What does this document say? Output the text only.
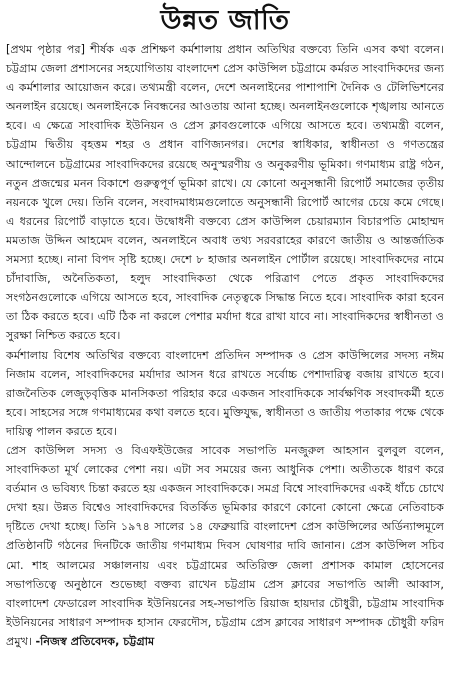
উন্নত জাতি

[প্রথম পৃষ্ঠার পর] শীর্ষক এক প্রশিক্ষণ কর্মশালায় প্রধান অতিথির বক্তব্যে তিনি এসব কথা বলেন। চট্টগ্রাম জেলা প্রশাসনের সহযোগিতায় বাংলাদেশ প্রেস কাউন্সিল চট্টগ্রামে কর্মরত সাংবাদিকদের জন্য এ কর্মশালার আয়োজন করে। তথ্যমন্ত্রী বলেন, দেশে অনলাইনের পাশাপাশি দৈনিক ও টেলিভিশনের অনলাইন রয়েছে। অনলাইনকে নিবন্ধনের আওতায় আনা হচ্ছে। অনলাইনগুলোকে শৃঙ্খলায় আনতে হবে। এ ক্ষেত্রে সাংবাদিক ইউনিয়ন ও প্রেস ক্লাবগুলোকে এগিয়ে আসতে হবে। তথ্যমন্ত্রী বলেন, চট্টগ্রাম দ্বিতীয় বৃহত্তম শহর ও প্রধান বাণিজ্যনগর। দেশের স্বাধিকার, স্বাধীনতা ও গণতন্ত্রের আন্দোলনে চট্টগ্রামের সাংবাদিকদের রয়েছে অনুস্মরণীয় ও অনুকরণীয় ভূমিকা। গণমাধ্যম রাষ্ট্র গঠন, নতুন প্রজন্মের মনন বিকাশে গুরুত্বপূর্ণ ভূমিকা রাখে। যে কোনো অনুসন্ধানী রিপোর্ট সমাজের তৃতীয় নয়নকে খুলে দেয়। তিনি বলেন, সংবাদমাধ্যমগুলোতে অনুসন্ধানী রিপোর্ট আগের চেয়ে কমে গেছে। এ ধরনের রিপোর্ট বাড়াতে হবে। উদ্বোধনী বক্তব্যে প্রেস কাউন্সিল চেয়ারম্যান বিচারপতি মোহাম্মদ মমতাজ উদ্দিন আহমেদ বলেন, অনলাইনে অবাধ তথ্য সরবরাহের কারণে জাতীয় ও আন্তর্জাতিক সমস্যা হচ্ছে। নানা বিপদ সৃষ্টি হচ্ছে। দেশে ৮ হাজার অনলাইন পোর্টাল রয়েছে। সাংবাদিকদের নামে চাঁদাবাজি, অনৈতিকতা, হলুদ সাংবাদিকতা থেকে পরিত্রাণ পেতে প্রকৃত সাংবাদিকদের সংগঠনগুলোকে এগিয়ে আসতে হবে, সাংবাদিক নেতৃত্বকে সিদ্ধান্ত নিতে হবে। সাংবাদিক কারা হবেন তা ঠিক করতে হবে। এটি ঠিক না করলে পেশার মর্যাদা ধরে রাখা যাবে না। সাংবাদিকদের স্বাধীনতা ও সুরক্ষা নিশ্চিত করতে হবে।

কর্মশালায় বিশেষ অতিথির বক্তব্যে বাংলাদেশ প্রতিদিন সম্পাদক ও প্রেস কাউন্সিলের সদস্য নঈম নিজাম বলেন, সাংবাদিকদের মর্যাদার আসন ধরে রাখতে সর্বোচ্চ পেশাদারিত্ব বজায় রাখতে হবে। রাজনৈতিক লেজুড়বৃত্তিক মানসিকতা পরিহার করে একজন সাংবাদিককে সার্বক্ষণিক সংবাদকর্মী হতে হবে। সাহসের সঙ্গে গণমাধ্যমের কথা বলতে হবে। মুক্তিযুদ্ধ, স্বাধীনতা ও জাতীয় পতাকার পক্ষে থেকে দায়িত্ব পালন করতে হবে।

প্রেস কাউন্সিল সদস্য ও বিএফইউজের সাবেক সভাপতি মনজুরুল আহসান বুলবুল বলেন, সাংবাদিকতা মূর্খ লোকের পেশা নয়। এটা সব সময়ের জন্য আধুনিক পেশা। অতীতকে ধারণ করে বর্তমান ও ভবিষ্যৎ চিন্তা করতে হয় একজন সাংবাদিককে। সমগ্র বিশ্বে সাংবাদিকদের একই ধাঁচে চোখে দেখা হয়। উন্নত বিশ্বেও সাংবাদিকদের বিতর্কিত ভূমিকার কারণে কোনো কোনো ক্ষেত্রে নেতিবাচক দৃষ্টিতে দেখা হচ্ছে। তিনি ১৯৭৪ সালের ১৪ ফেব্রুয়ারি বাংলাদেশ প্রেস কাউন্সিলের অর্ডিন্যান্সমূলে প্রতিষ্ঠানটি গঠনের দিনটিকে জাতীয় গণমাধ্যম দিবস ঘোষণার দাবি জানান। প্রেস কাউন্সিল সচিব মো. শাহ আলমের সঞ্চালনায় এবং চট্টগ্রামের অতিরিক্ত জেলা প্রশাসক কামাল হোসেনের সভাপতিত্বে অনুষ্ঠানে শুভেচ্ছা বক্তব্য রাখেন চট্টগ্রাম প্রেস ক্লাবের সভাপতি আলী আব্বাস, বাংলাদেশ ফেডারেল সাংবাদিক ইউনিয়নের সহ-সভাপতি রিয়াজ হায়দার চৌধুরী, চট্টগ্রাম সাংবাদিক ইউনিয়নের সাধারণ সম্পাদক হাসান ফেরদৌস, চট্টগ্রাম প্রেস ক্লাবের সাধারণ সম্পাদক চৌধুরী ফরিদ প্রমুখ। -নিজস্ব প্রতিবেদক, চট্টগ্রাম
